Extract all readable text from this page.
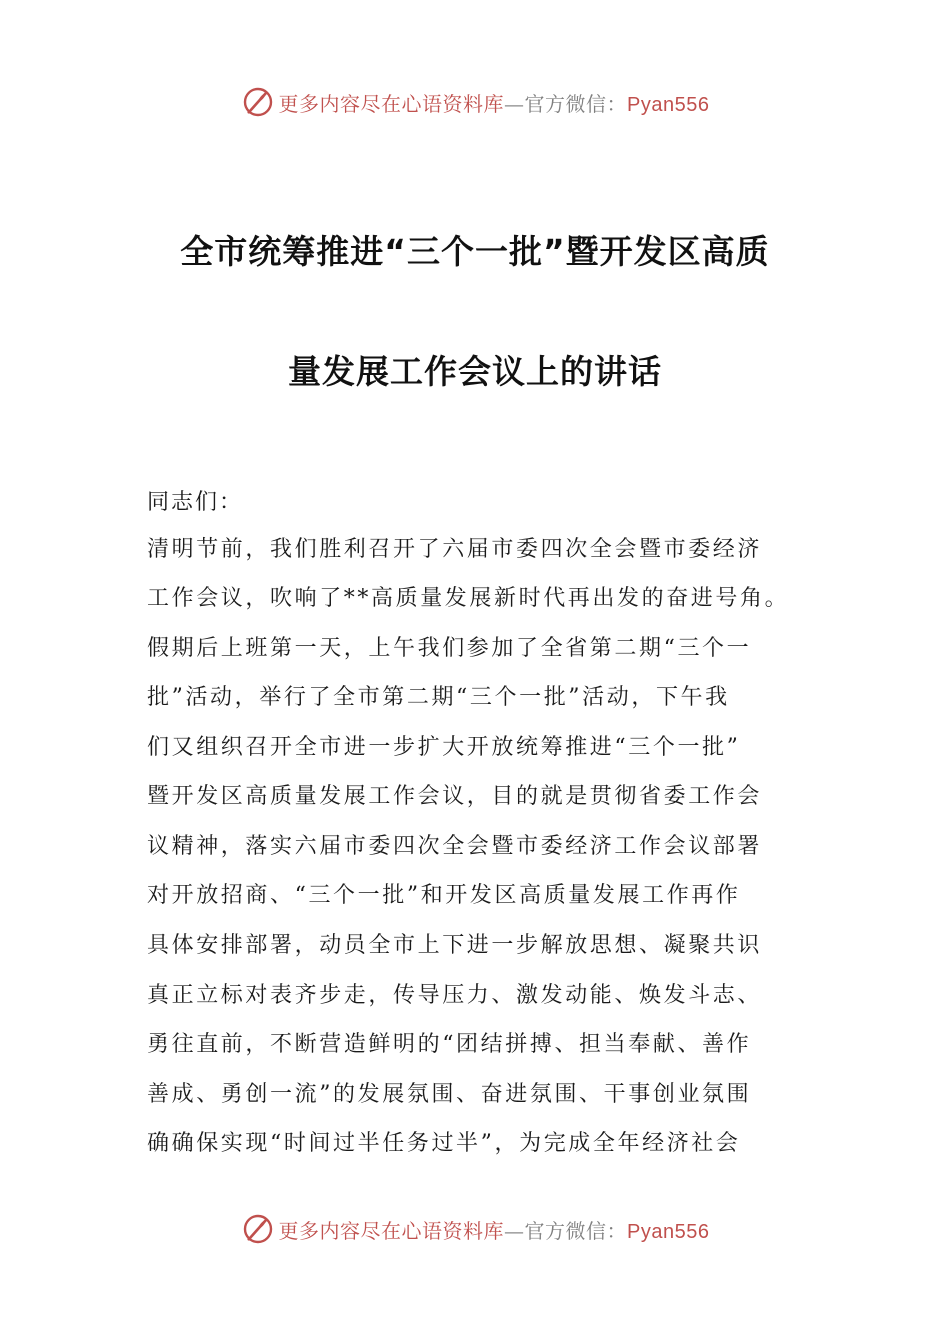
更多内容尽在心语资料库—官方微信：Pyan556
全市统筹推进“三个一批”暨开发区高质
量发展工作会议上的讲话
同志们：
清明节前，我们胜利召开了六届市委四次全会暨市委经济
工作会议，吹响了**高质量发展新时代再出发的奋进号角。
假期后上班第一天，上午我们参加了全省第二期“三个一
批”活动，举行了全市第二期“三个一批”活动，下午我
们又组织召开全市进一步扩大开放统筹推进“三个一批”
暨开发区高质量发展工作会议，目的就是贯彻省委工作会
议精神，落实六届市委四次全会暨市委经济工作会议部署
对开放招商、“三个一批”和开发区高质量发展工作再作
具体安排部署，动员全市上下进一步解放思想、凝聚共识
真正立标对表齐步走，传导压力、激发动能、焕发斗志、
勇往直前，不断营造鲜明的“团结拼搏、担当奉献、善作
善成、勇创一流”的发展氛围、奋进氛围、干事创业氛围
确确保实现“时间过半任务过半”，为完成全年经济社会
更多内容尽在心语资料库—官方微信：Pyan556
